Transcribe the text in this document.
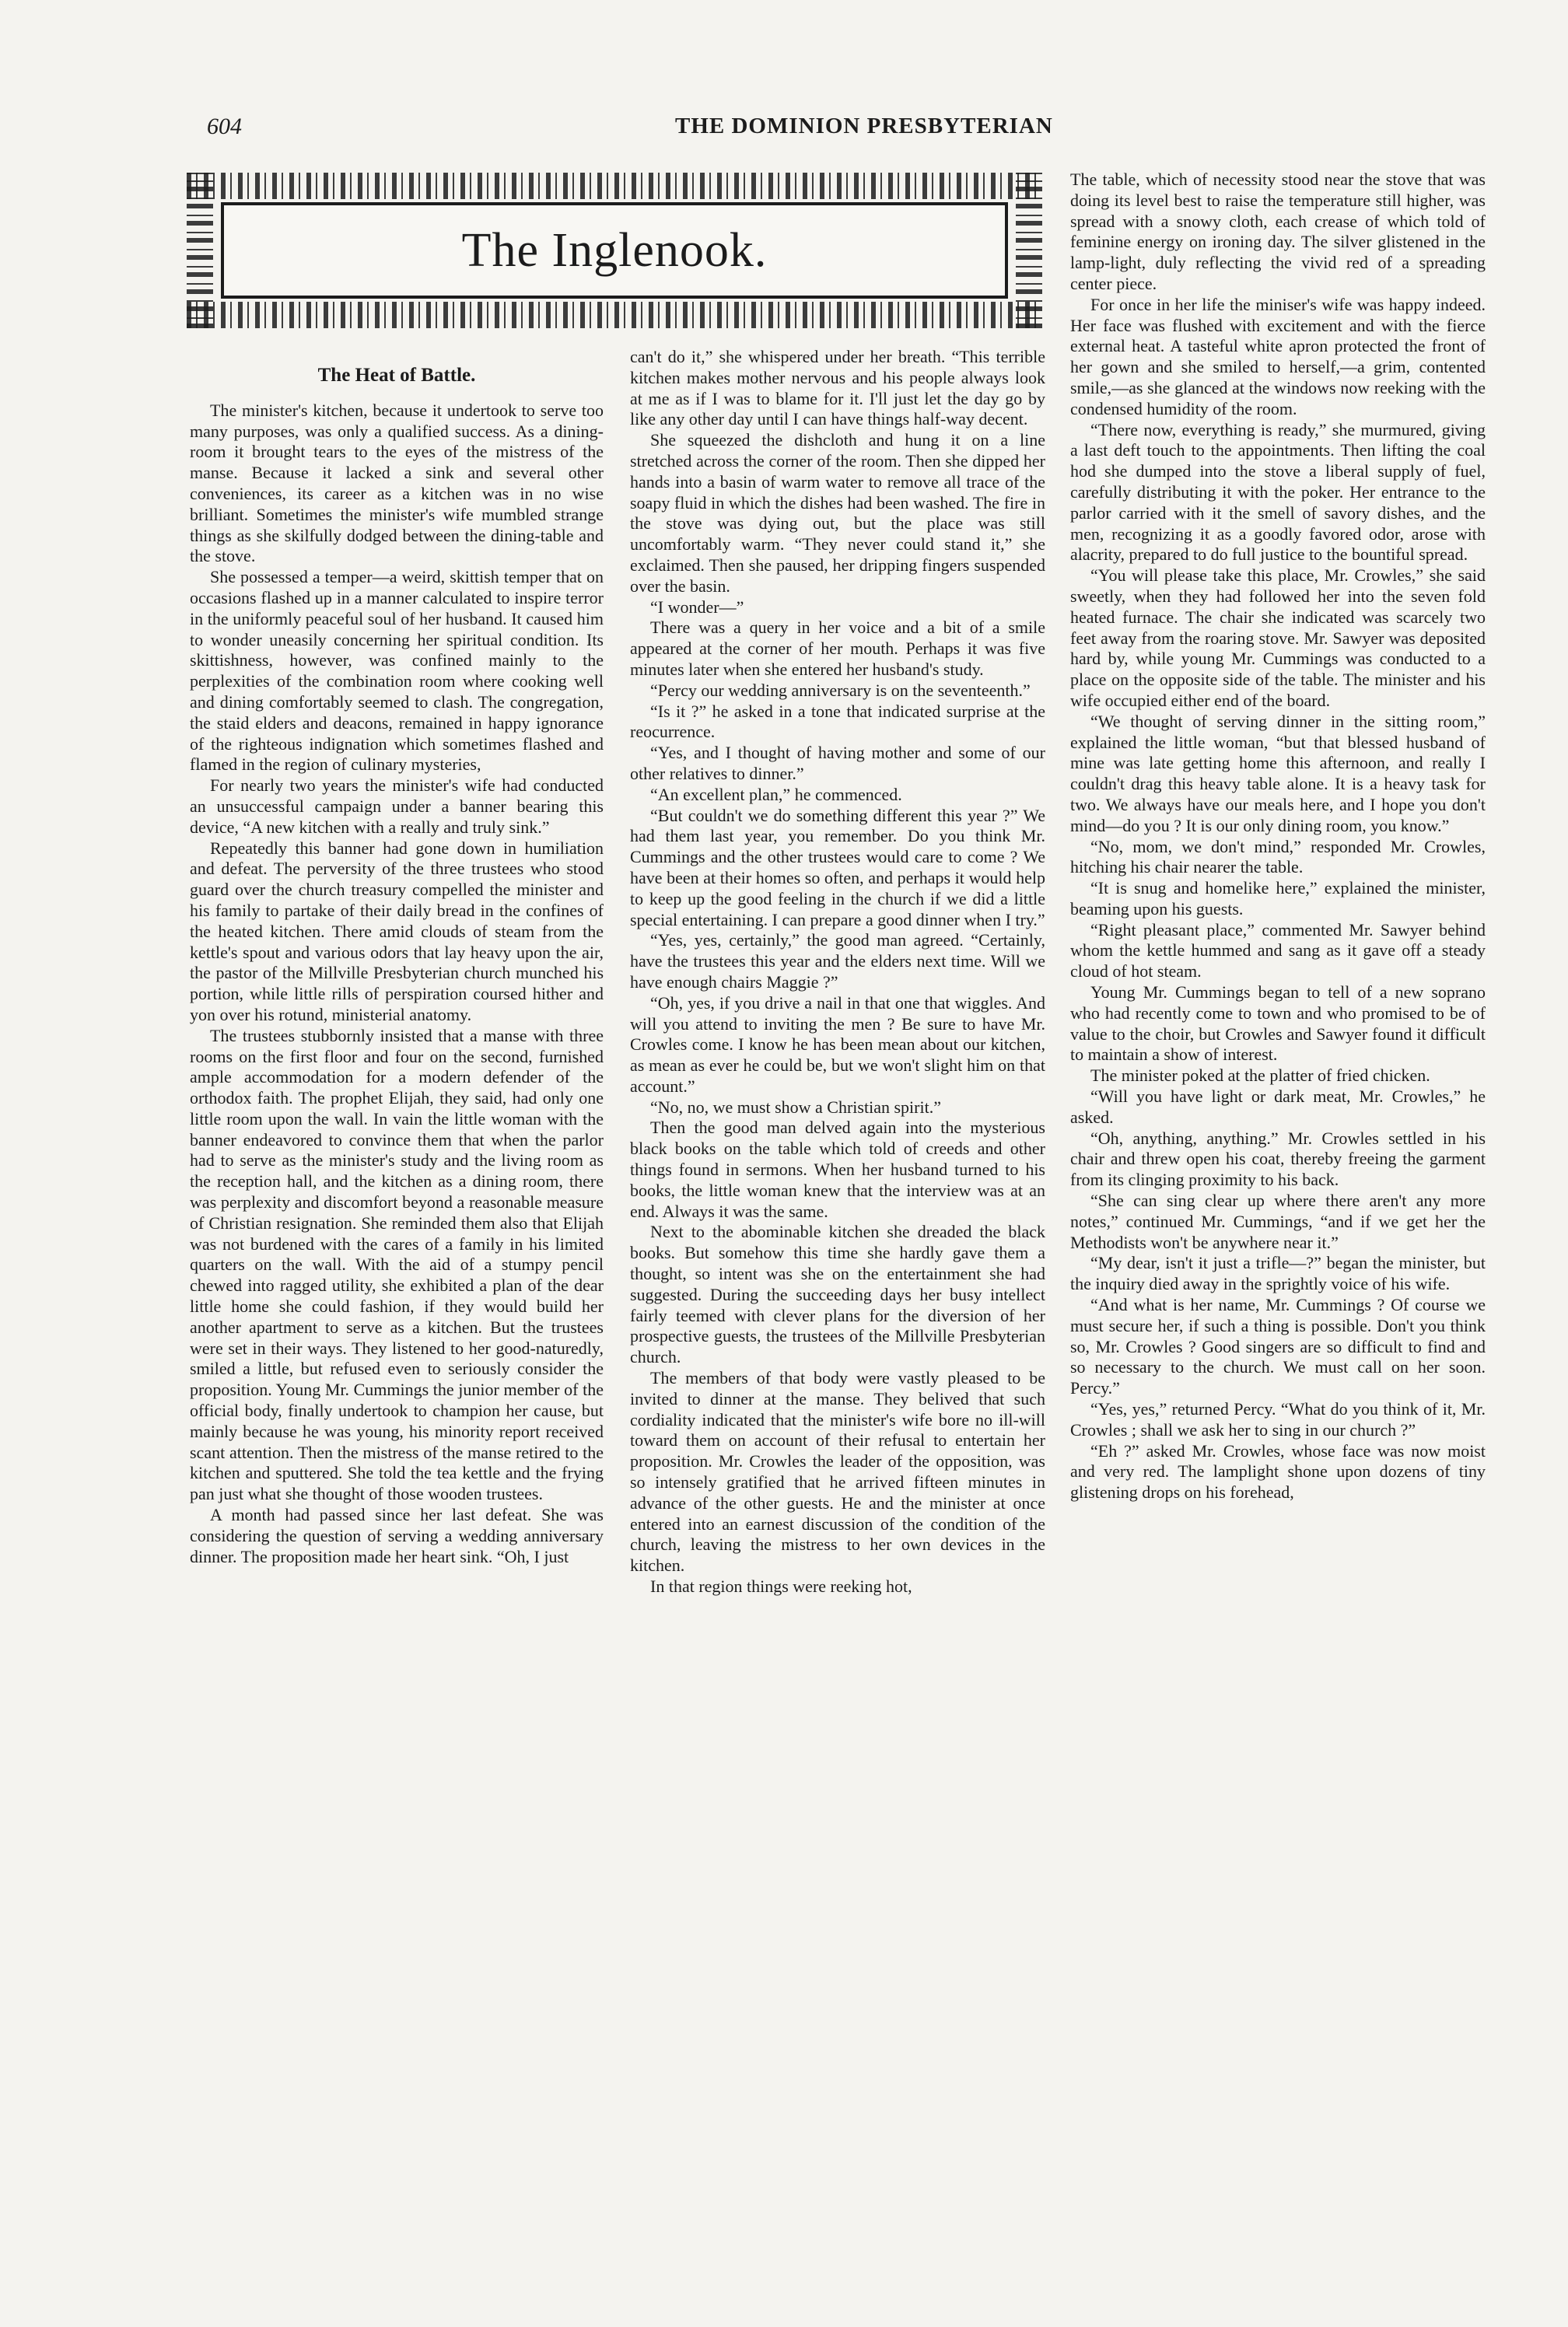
604	THE DOMINION PRESBYTERIAN
The Inglenook.
The Heat of Battle.

The minister's kitchen, because it undertook to serve too many purposes, was only a qualified success. As a dining-room it brought tears to the eyes of the mistress of the manse. Because it lacked a sink and several other conveniences, its career as a kitchen was in no wise brilliant. Sometimes the minister's wife mumbled strange things as she skilfully dodged between the dining-table and the stove.

She possessed a temper—a weird, skittish temper that on occasions flashed up in a manner calculated to inspire terror in the uniformly peaceful soul of her husband. It caused him to wonder uneasily concerning her spiritual condition. Its skittishness, however, was confined mainly to the perplexities of the combination room where cooking well and dining comfortably seemed to clash. The congregation, the staid elders and deacons, remained in happy ignorance of the righteous indignation which sometimes flashed and flamed in the region of culinary mysteries,

For nearly two years the minister's wife had conducted an unsuccessful campaign under a banner bearing this device, “A new kitchen with a really and truly sink.”

Repeatedly this banner had gone down in humiliation and defeat. The perversity of the three trustees who stood guard over the church treasury compelled the minister and his family to partake of their daily bread in the confines of the heated kitchen. There amid clouds of steam from the kettle's spout and various odors that lay heavy upon the air, the pastor of the Millville Presbyterian church munched his portion, while little rills of perspiration coursed hither and yon over his rotund, ministerial anatomy.

The trustees stubbornly insisted that a manse with three rooms on the first floor and four on the second, furnished ample accommodation for a modern defender of the orthodox faith. The prophet Elijah, they said, had only one little room upon the wall. In vain the little woman with the banner endeavored to convince them that when the parlor had to serve as the minister's study and the living room as the reception hall, and the kitchen as a dining room, there was perplexity and discomfort beyond a reasonable measure of Christian resignation. She reminded them also that Elijah was not burdened with the cares of a family in his limited quarters on the wall. With the aid of a stumpy pencil chewed into ragged utility, she exhibited a plan of the dear little home she could fashion, if they would build her another apartment to serve as a kitchen. But the trustees were set in their ways. They listened to her good-naturedly, smiled a little, but refused even to seriously consider the proposition. Young Mr. Cummings the junior member of the official body, finally undertook to champion her cause, but mainly because he was young, his minority report received scant attention. Then the mistress of the manse retired to the kitchen and sputtered. She told the tea kettle and the frying pan just what she thought of those wooden trustees.

A month had passed since her last defeat. She was considering the question of serving a wedding anniversary dinner. The proposition made her heart sink. “Oh, I just

can't do it,” she whispered under her breath. “This terrible kitchen makes mother nervous and his people always look at me as if I was to blame for it. I'll just let the day go by like any other day until I can have things half-way decent.

She squeezed the dishcloth and hung it on a line stretched across the corner of the room. Then she dipped her hands into a basin of warm water to remove all trace of the soapy fluid in which the dishes had been washed. The fire in the stove was dying out, but the place was still uncomfortably warm. “They never could stand it,” she exclaimed. Then she paused, her dripping fingers suspended over the basin.

“I wonder—”

There was a query in her voice and a bit of a smile appeared at the corner of her mouth. Perhaps it was five minutes later when she entered her husband's study.

“Percy our wedding anniversary is on the seventeenth.”

“Is it ?” he asked in a tone that indicated surprise at the reocurrence.

“Yes, and I thought of having mother and some of our other relatives to dinner.”

“An excellent plan,” he commenced.

“But couldn't we do something different this year ?” We had them last year, you remember. Do you think Mr. Cummings and the other trustees would care to come ? We have been at their homes so often, and perhaps it would help to keep up the good feeling in the church if we did a little special entertaining. I can prepare a good dinner when I try.”

“Yes, yes, certainly,” the good man agreed. “Certainly, have the trustees this year and the elders next time. Will we have enough chairs Maggie ?”

“Oh, yes, if you drive a nail in that one that wiggles. And will you attend to inviting the men ? Be sure to have Mr. Crowles come. I know he has been mean about our kitchen, as mean as ever he could be, but we won't slight him on that account.”

“No, no, we must show a Christian spirit.”

Then the good man delved again into the mysterious black books on the table which told of creeds and other things found in sermons. When her husband turned to his books, the little woman knew that the interview was at an end. Always it was the same.

Next to the abominable kitchen she dreaded the black books. But somehow this time she hardly gave them a thought, so intent was she on the entertainment she had suggested. During the succeeding days her busy intellect fairly teemed with clever plans for the diversion of her prospective guests, the trustees of the Millville Presbyterian church.

The members of that body were vastly pleased to be invited to dinner at the manse. They belived that such cordiality indicated that the minister's wife bore no ill-will toward them on account of their refusal to entertain her proposition. Mr. Crowles the leader of the opposition, was so intensely gratified that he arrived fifteen minutes in advance of the other guests. He and the minister at once entered into an earnest discussion of the condition of the church, leaving the mistress to her own devices in the kitchen.

In that region things were reeking hot,

The table, which of necessity stood near the stove that was doing its level best to raise the temperature still higher, was spread with a snowy cloth, each crease of which told of feminine energy on ironing day. The silver glistened in the lamp-light, duly reflecting the vivid red of a spreading center piece.

For once in her life the miniser's wife was happy indeed. Her face was flushed with excitement and with the fierce external heat. A tasteful white apron protected the front of her gown and she smiled to herself,—a grim, contented smile,—as she glanced at the windows now reeking with the condensed humidity of the room.

“There now, everything is ready,” she murmured, giving a last deft touch to the appointments. Then lifting the coal hod she dumped into the stove a liberal supply of fuel, carefully distributing it with the poker. Her entrance to the parlor carried with it the smell of savory dishes, and the men, recognizing it as a goodly favored odor, arose with alacrity, prepared to do full justice to the bountiful spread.

“You will please take this place, Mr. Crowles,” she said sweetly, when they had followed her into the seven fold heated furnace. The chair she indicated was scarcely two feet away from the roaring stove. Mr. Sawyer was deposited hard by, while young Mr. Cummings was conducted to a place on the opposite side of the table. The minister and his wife occupied either end of the board.

“We thought of serving dinner in the sitting room,” explained the little woman, “but that blessed husband of mine was late getting home this afternoon, and really I couldn't drag this heavy table alone. It is a heavy task for two. We always have our meals here, and I hope you don't mind—do you ? It is our only dining room, you know.”

“No, mom, we don't mind,” responded Mr. Crowles, hitching his chair nearer the table.

“It is snug and homelike here,” explained the minister, beaming upon his guests.

“Right pleasant place,” commented Mr. Sawyer behind whom the kettle hummed and sang as it gave off a steady cloud of hot steam.

Young Mr. Cummings began to tell of a new soprano who had recently come to town and who promised to be of value to the choir, but Crowles and Sawyer found it difficult to maintain a show of interest.

The minister poked at the platter of fried chicken.

“Will you have light or dark meat, Mr. Crowles,” he asked.

“Oh, anything, anything.” Mr. Crowles settled in his chair and threw open his coat, thereby freeing the garment from its clinging proximity to his back.

“She can sing clear up where there aren't any more notes,” continued Mr. Cummings, “and if we get her the Methodists won't be anywhere near it.”

“My dear, isn't it just a trifle—?” began the minister, but the inquiry died away in the sprightly voice of his wife.

“And what is her name, Mr. Cummings ? Of course we must secure her, if such a thing is possible. Don't you think so, Mr. Crowles ? Good singers are so difficult to find and so necessary to the church. We must call on her soon. Percy.”

“Yes, yes,” returned Percy. “What do you think of it, Mr. Crowles ; shall we ask her to sing in our church ?”

“Eh ?” asked Mr. Crowles, whose face was now moist and very red. The lamplight shone upon dozens of tiny glistening drops on his forehead,
